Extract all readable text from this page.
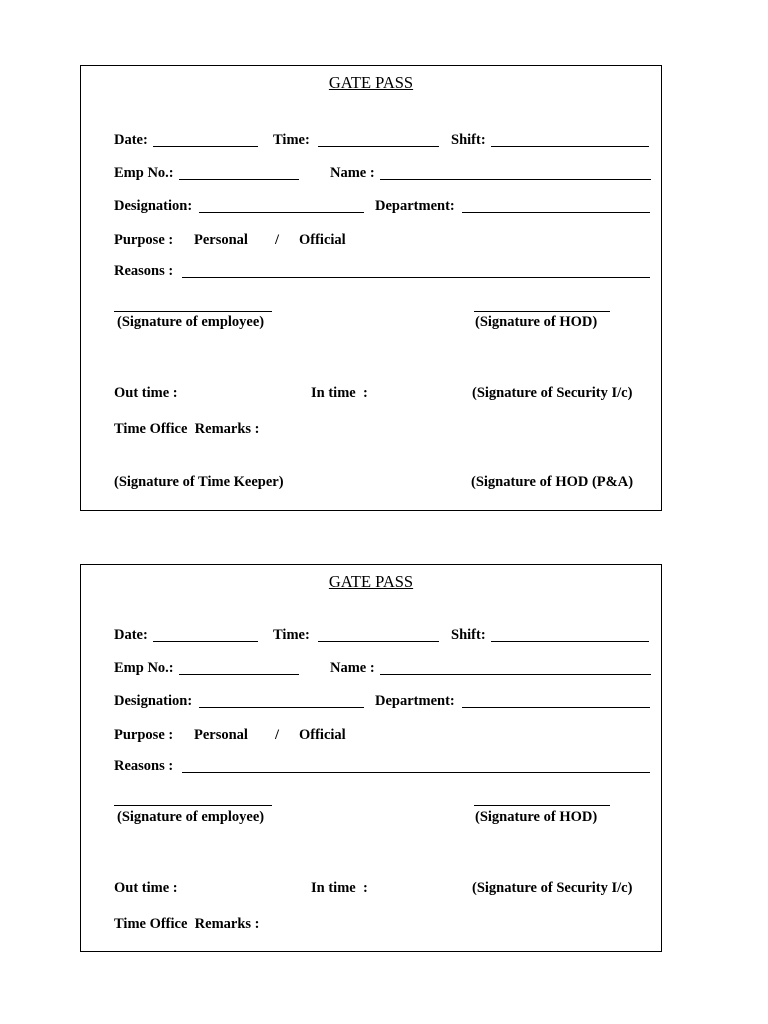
GATE PASS
Date:	Time:	Shift:
Emp No.:	Name :
Designation:	Department:
Purpose : Personal / Official
Reasons :
(Signature of employee)	(Signature of HOD)
Out time :	In time  :	(Signature of Security I/c)
Time Office  Remarks :
(Signature of Time Keeper)	(Signature of HOD (P&A)
GATE PASS
Date:	Time:	Shift:
Emp No.:	Name :
Designation:	Department:
Purpose : Personal / Official
Reasons :
(Signature of employee)	(Signature of HOD)
Out time :	In time  :	(Signature of Security I/c)
Time Office  Remarks :
